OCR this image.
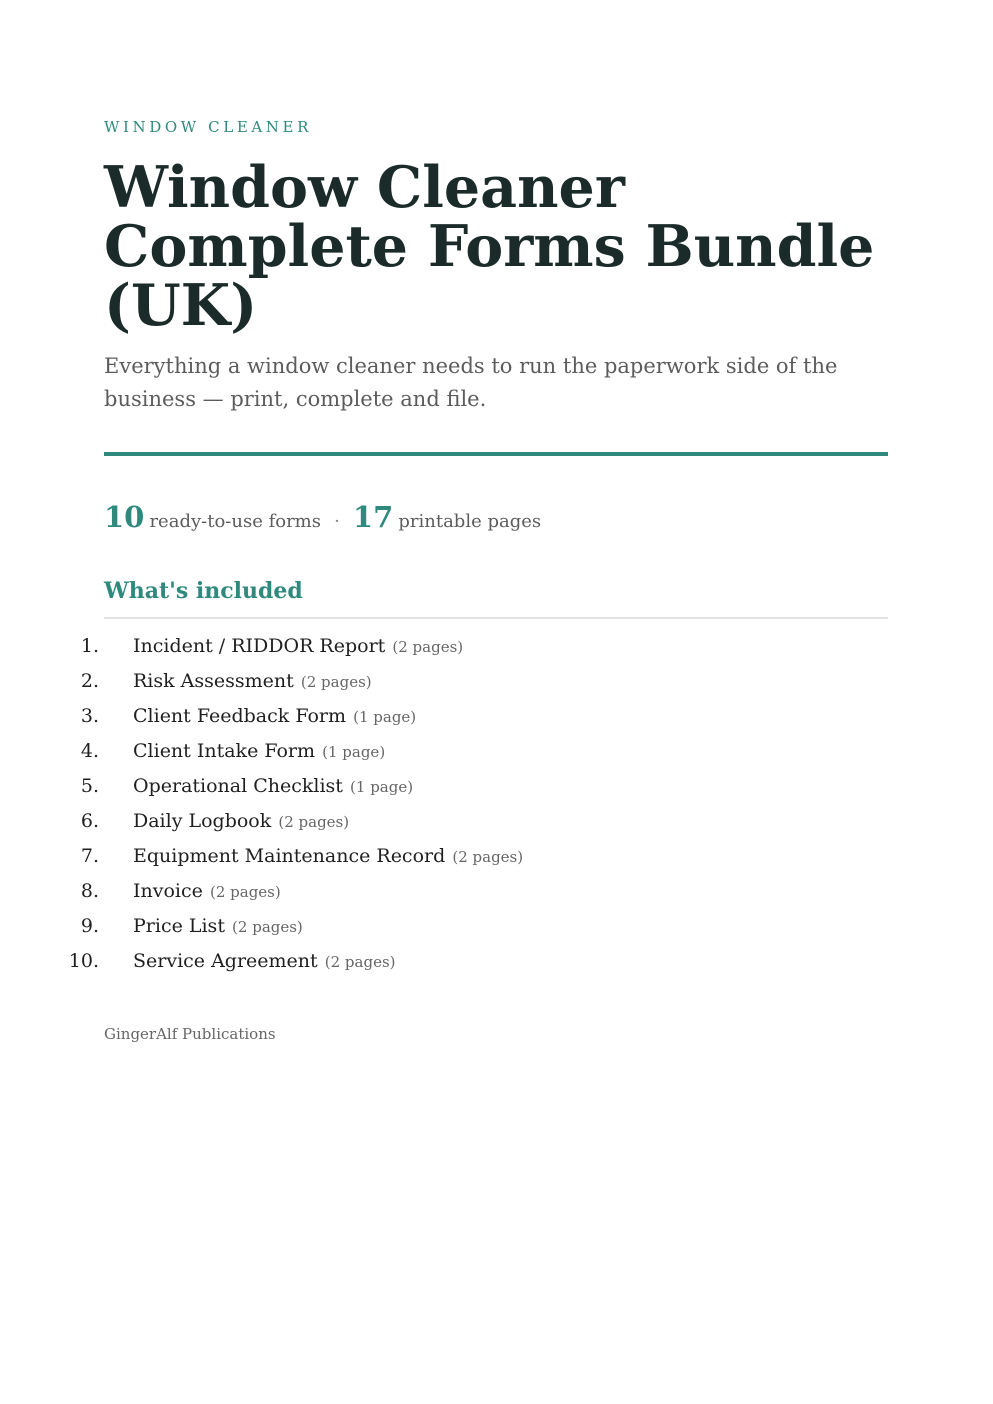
WINDOW CLEANER
Window Cleaner Complete Forms Bundle (UK)

Everything a window cleaner needs to run the paperwork side of the business — print, complete and file.

10 ready-to-use forms · 17 printable pages
What's included
1. Incident / RIDDOR Report (2 pages)
2. Risk Assessment (2 pages)
3. Client Feedback Form (1 page)
4. Client Intake Form (1 page)
5. Operational Checklist (1 page)
6. Daily Logbook (2 pages)
7. Equipment Maintenance Record (2 pages)
8. Invoice (2 pages)
9. Price List (2 pages)
10. Service Agreement (2 pages)
GingerAlf Publications
